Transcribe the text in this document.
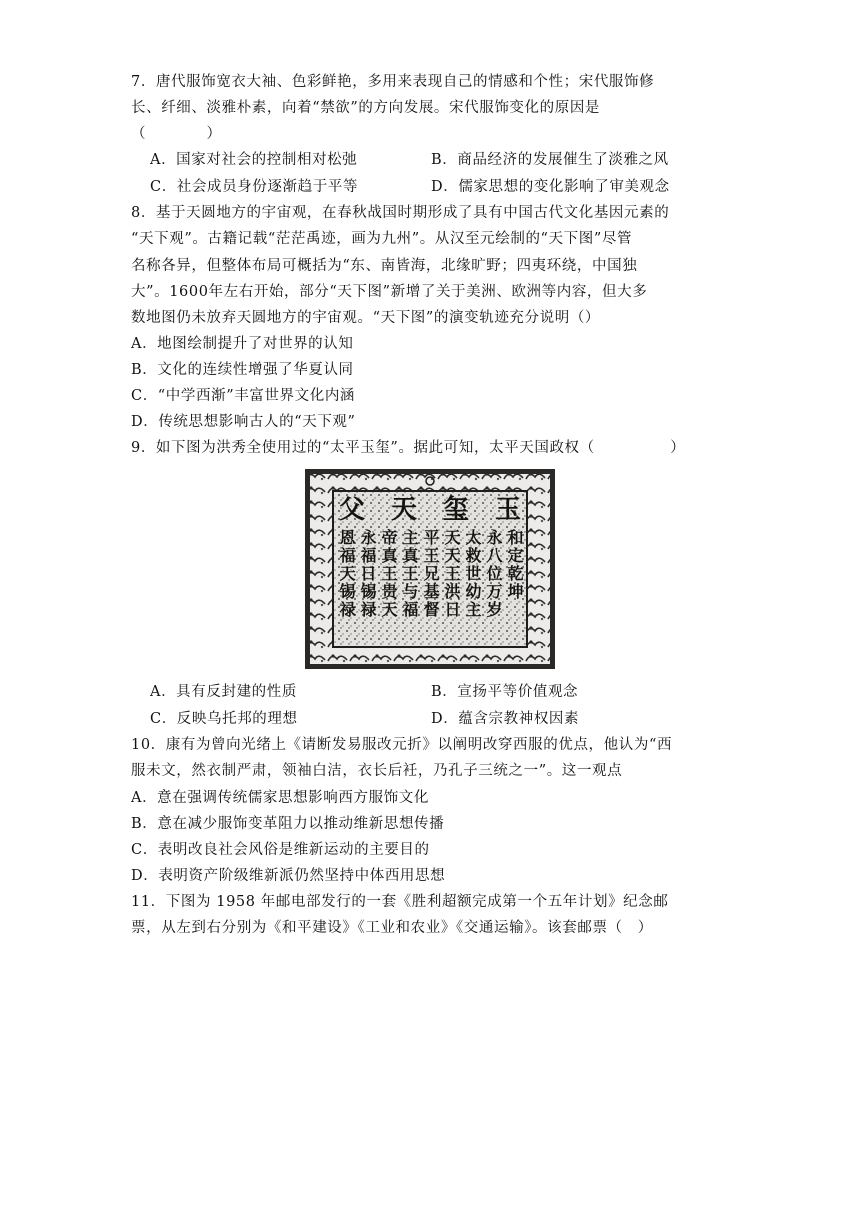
7．唐代服饰宽衣大袖、色彩鲜艳，多用来表现自己的情感和个性；宋代服饰修
长、纤细、淡雅朴素，向着“禁欲”的方向发展。宋代服饰变化的原因是
（　　　　）
A．国家对社会的控制相对松弛	B．商品经济的发展催生了淡雅之风
C．社会成员身份逐渐趋于平等	D．儒家思想的变化影响了审美观念
8．基于天圆地方的宇宙观，在春秋战国时期形成了具有中国古代文化基因元素的
“天下观”。古籍记载“茫茫禹迹，画为九州”。从汉至元绘制的“天下图”尽管
名称各异，但整体布局可概括为“东、南皆海，北缘旷野；四夷环绕，中国独
大”。1600年左右开始，部分“天下图”新增了关于美洲、欧洲等内容，但大多
数地图仍未放弃天圆地方的宇宙观。“天下图”的演变轨迹充分说明（）
A．地图绘制提升了对世界的认知
B．文化的连续性增强了华夏认同
C．“中学西渐”丰富世界文化内涵
D．传统思想影响古人的“天下观”
9．如下图为洪秀全使用过的“太平玉玺”。据此可知，太平天国政权（　　　　　）
父 天 玺 玉
和定乾坤
永八位万岁
太救世幼主
天天王洪日
平王兄基督
主真王与福
帝真王贵天
永福日锡禄
恩福天锡禄
A．具有反封建的性质	B．宣扬平等价值观念
C．反映乌托邦的理想	D．蕴含宗教神权因素
10．康有为曾向光绪上《请断发易服改元折》以阐明改穿西服的优点，他认为“西
服未文，然衣制严肃，领袖白洁，衣长后衽，乃孔子三统之一”。这一观点
A．意在强调传统儒家思想影响西方服饰文化
B．意在减少服饰变革阻力以推动维新思想传播
C．表明改良社会风俗是维新运动的主要目的
D．表明资产阶级维新派仍然坚持中体西用思想
11．下图为 1958 年邮电部发行的一套《胜利超额完成第一个五年计划》纪念邮
票，从左到右分别为《和平建设》《工业和农业》《交通运输》。该套邮票（　）
